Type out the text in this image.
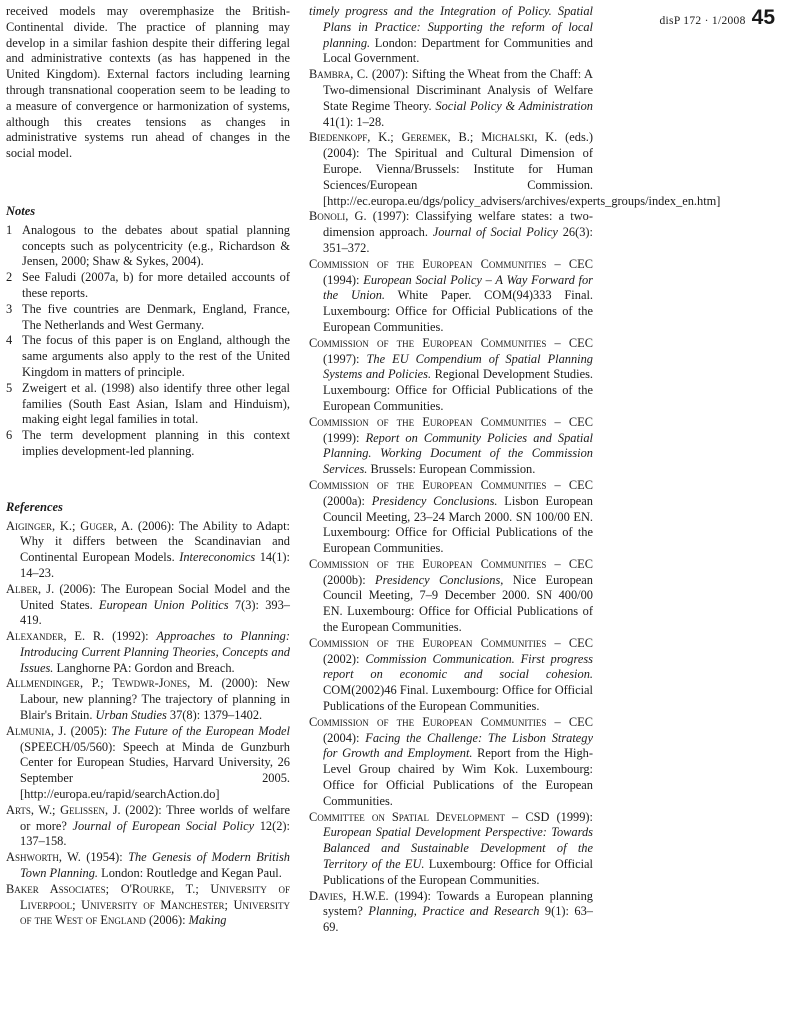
disP 172 · 1/2008 45

received models may overemphasize the British-Continental divide. The practice of planning may develop in a similar fashion despite their differing legal and administrative contexts (as has happened in the United Kingdom). External factors including learning through transnational cooperation seem to be leading to a measure of convergence or harmonization of systems, although this creates tensions as changes in administrative systems run ahead of changes in the social model.

Notes

1 Analogous to the debates about spatial planning concepts such as polycentricity (e.g., Richardson & Jensen, 2000; Shaw & Sykes, 2004).
2 See Faludi (2007a, b) for more detailed accounts of these reports.
3 The five countries are Denmark, England, France, The Netherlands and West Germany.
4 The focus of this paper is on England, although the same arguments also apply to the rest of the United Kingdom in matters of principle.
5 Zweigert et al. (1998) also identify three other legal families (South East Asian, Islam and Hinduism), making eight legal families in total.
6 The term development planning in this context implies development-led planning.

References

Aiginger, K.; Guger, A. (2006): The Ability to Adapt: Why it differs between the Scandinavian and Continental European Models. Intereconomics 14(1): 14–23.

Alber, J. (2006): The European Social Model and the United States. European Union Politics 7(3): 393–419.

Alexander, E. R. (1992): Approaches to Planning: Introducing Current Planning Theories, Concepts and Issues. Langhorne PA: Gordon and Breach.

Allmendinger, P.; Tewdwr-Jones, M. (2000): New Labour, new planning? The trajectory of planning in Blair's Britain. Urban Studies 37(8): 1379–1402.

Almunia, J. (2005): The Future of the European Model (SPEECH/05/560): Speech at Minda de Gunzburh Center for European Studies, Harvard University, 26 September 2005. [http://europa.eu/rapid/searchAction.do]

Arts, W.; Gelissen, J. (2002): Three worlds of welfare or more? Journal of European Social Policy 12(2): 137–158.

Ashworth, W. (1954): The Genesis of Modern British Town Planning. London: Routledge and Kegan Paul.

Baker Associates; O'Rourke, T.; University of Liverpool; University of Manchester; University of the West of England (2006): Making

timely progress and the Integration of Policy. Spatial Plans in Practice: Supporting the reform of local planning. London: Department for Communities and Local Government.

Bambra, C. (2007): Sifting the Wheat from the Chaff: A Two-dimensional Discriminant Analysis of Welfare State Regime Theory. Social Policy & Administration 41(1): 1–28.

Biedenkopf, K.; Geremek, B.; Michalski, K. (eds.) (2004): The Spiritual and Cultural Dimension of Europe. Vienna/Brussels: Institute for Human Sciences/European Commission. [http://ec.europa.eu/dgs/policy_advisers/archives/experts_groups/index_en.htm]

Bonoli, G. (1997): Classifying welfare states: a two-dimension approach. Journal of Social Policy 26(3): 351–372.

Commission of the European Communities – CEC (1994): European Social Policy – A Way Forward for the Union. White Paper. COM(94)333 Final. Luxembourg: Office for Official Publications of the European Communities.

Commission of the European Communities – CEC (1997): The EU Compendium of Spatial Planning Systems and Policies. Regional Development Studies. Luxembourg: Office for Official Publications of the European Communities.

Commission of the European Communities – CEC (1999): Report on Community Policies and Spatial Planning. Working Document of the Commission Services. Brussels: European Commission.

Commission of the European Communities – CEC (2000a): Presidency Conclusions. Lisbon European Council Meeting, 23–24 March 2000. SN 100/00 EN. Luxembourg: Office for Official Publications of the European Communities.

Commission of the European Communities – CEC (2000b): Presidency Conclusions, Nice European Council Meeting, 7–9 December 2000. SN 400/00 EN. Luxembourg: Office for Official Publications of the European Communities.

Commission of the European Communities – CEC (2002): Commission Communication. First progress report on economic and social cohesion. COM(2002)46 Final. Luxembourg: Office for Official Publications of the European Communities.

Commission of the European Communities – CEC (2004): Facing the Challenge: The Lisbon Strategy for Growth and Employment. Report from the High-Level Group chaired by Wim Kok. Luxembourg: Office for Official Publications of the European Communities.

Committee on Spatial Development – CSD (1999): European Spatial Development Perspective: Towards Balanced and Sustainable Development of the Territory of the EU. Luxembourg: Office for Official Publications of the European Communities.

Davies, H.W.E. (1994): Towards a European planning system? Planning, Practice and Research 9(1): 63–69.
